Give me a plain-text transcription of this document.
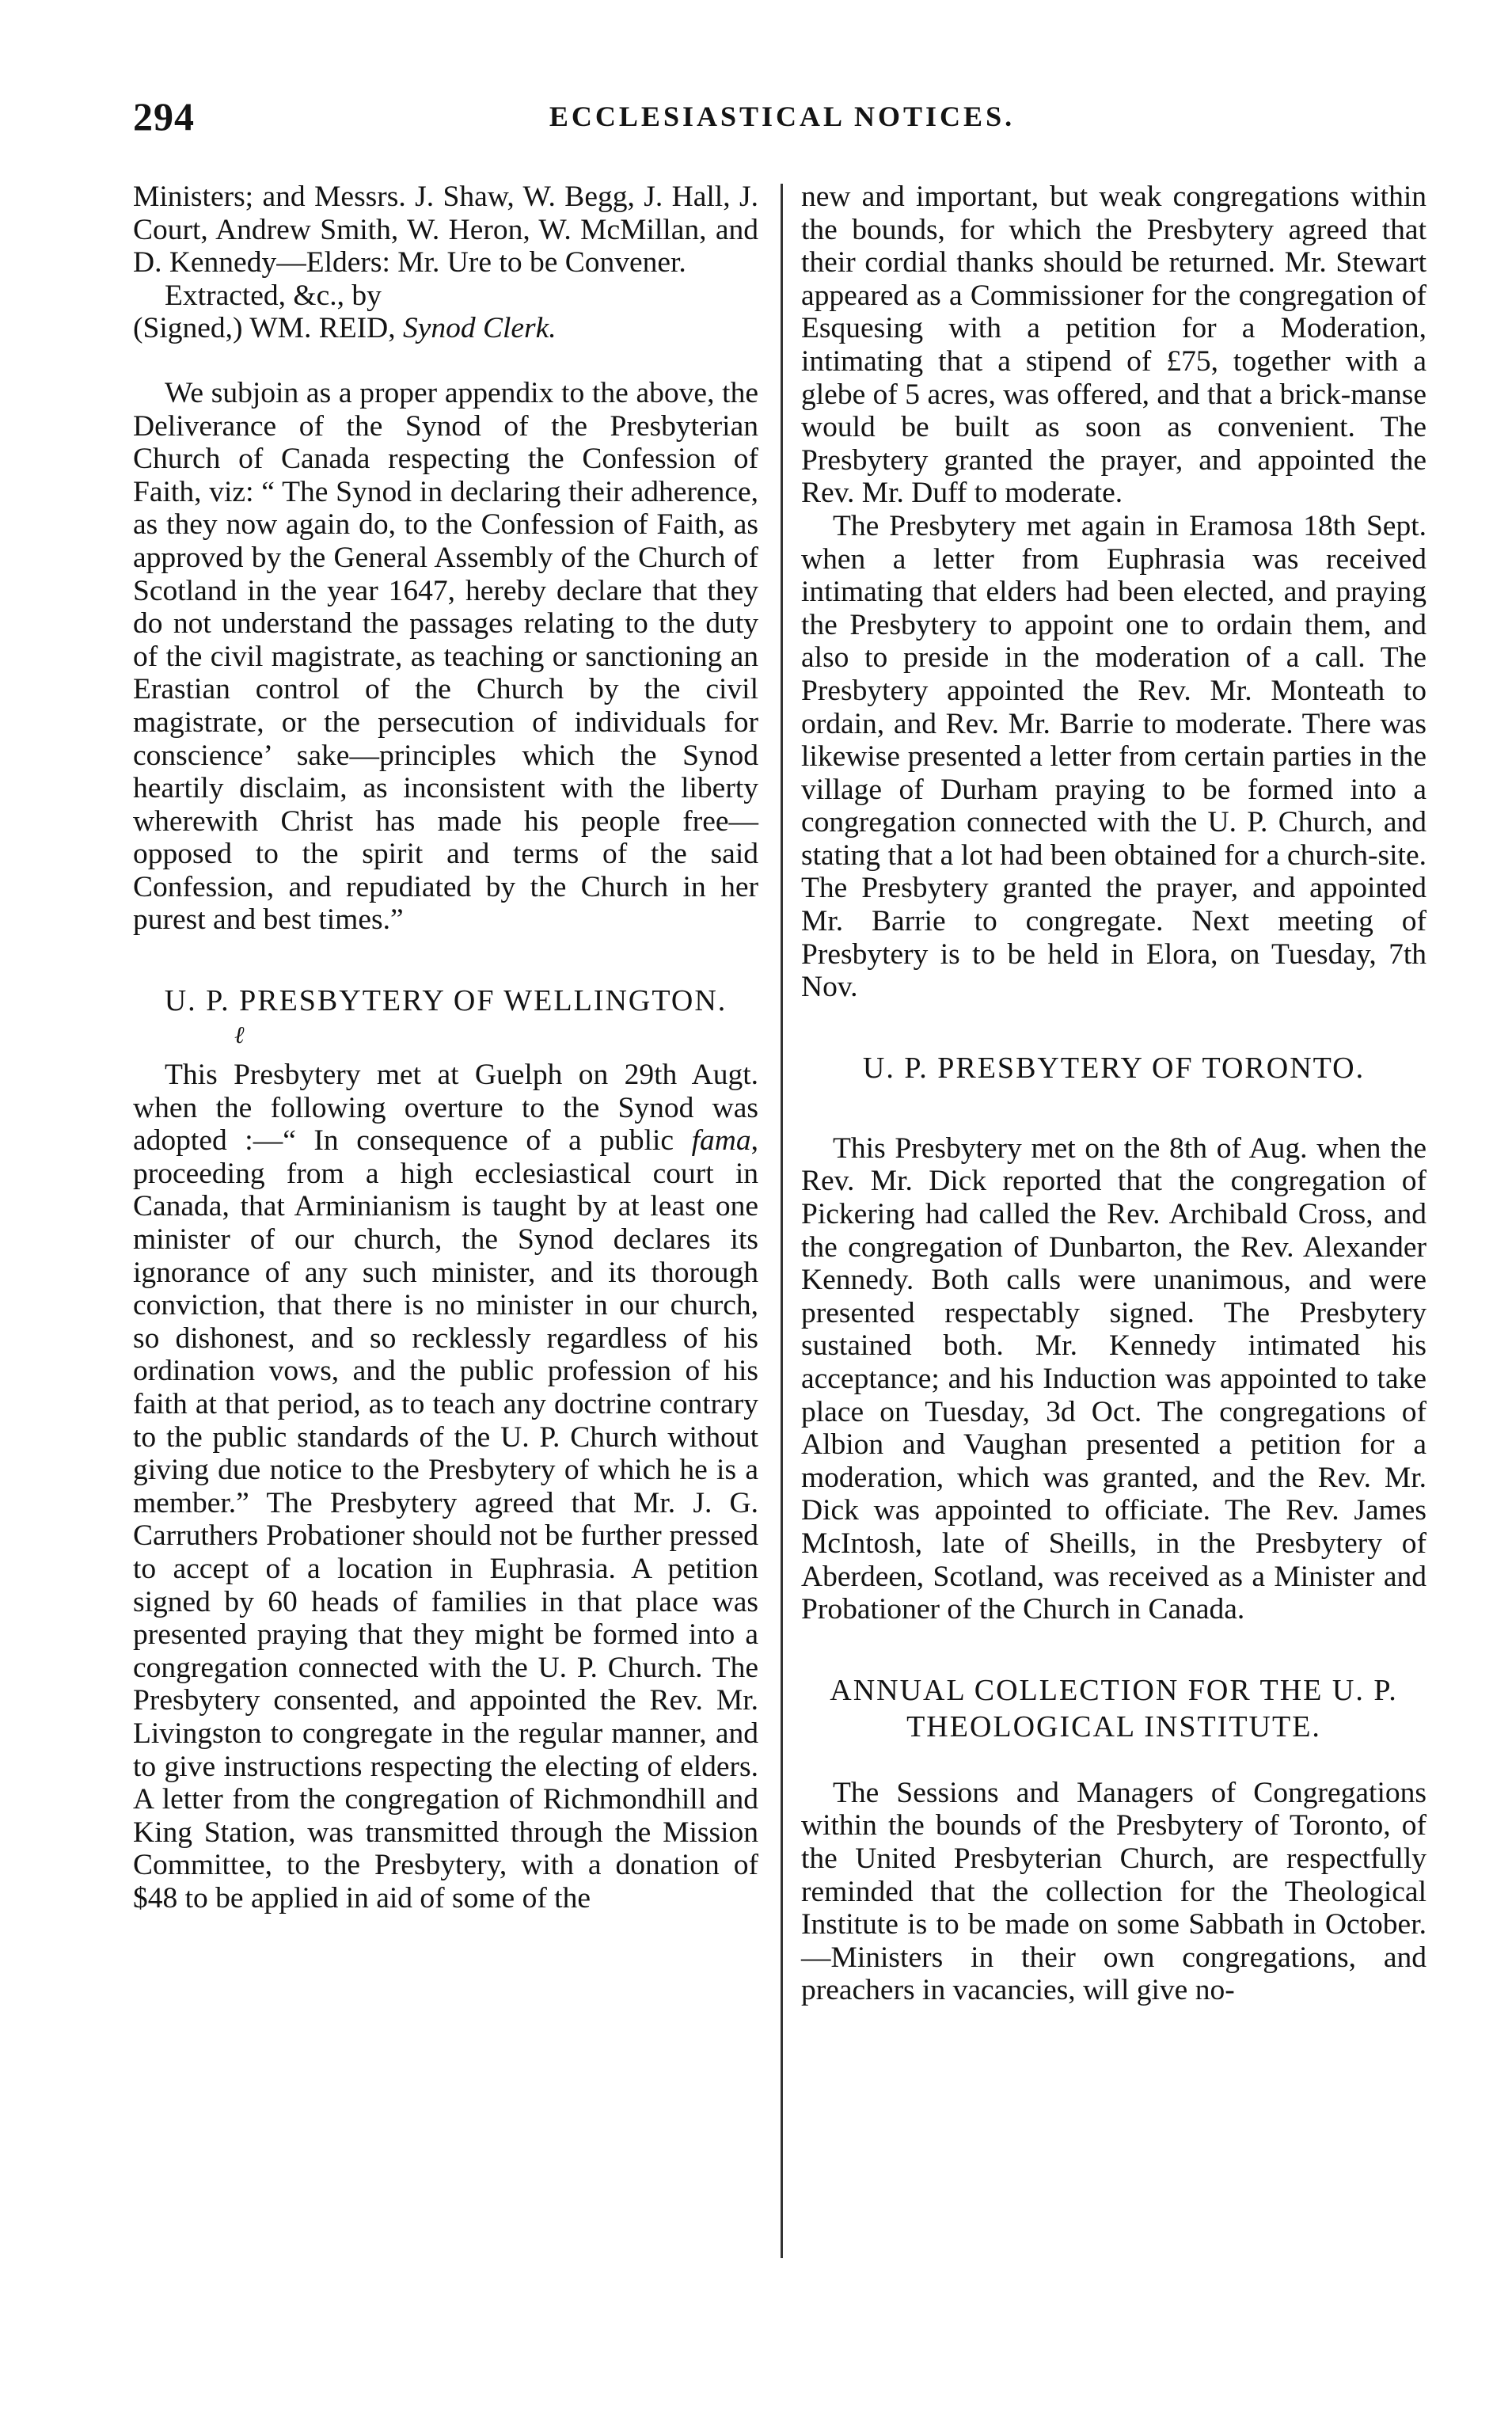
294	ECCLESIASTICAL NOTICES.

Ministers; and Messrs. J. Shaw, W. Begg, J. Hall, J. Court, Andrew Smith, W. Heron, W. McMillan, and D. Kennedy—Elders: Mr. Ure to be Convener.

Extracted, &c., by

(Signed,) WM. REID, Synod Clerk.

We subjoin as a proper appendix to the above, the Deliverance of the Synod of the Presbyterian Church of Canada respecting the Confession of Faith, viz: “ The Synod in declaring their adherence, as they now again do, to the Confession of Faith, as approved by the General Assembly of the Church of Scotland in the year 1647, hereby declare that they do not understand the passages relating to the duty of the civil magistrate, as teaching or sanctioning an Erastian control of the Church by the civil magistrate, or the persecution of individuals for conscience’ sake—principles which the Synod heartily disclaim, as inconsistent with the liberty wherewith Christ has made his people free—opposed to the spirit and terms of the said Confession, and repudiated by the Church in her purest and best times.”

U. P. PRESBYTERY OF WELLINGTON.
ℓ

This Presbytery met at Guelph on 29th Augt. when the following overture to the Synod was adopted :—“ In consequence of a public fama, proceeding from a high ecclesiastical court in Canada, that Arminianism is taught by at least one minister of our church, the Synod declares its ignorance of any such minister, and its thorough conviction, that there is no minister in our church, so dishonest, and so recklessly regardless of his ordination vows, and the public profession of his faith at that period, as to teach any doctrine contrary to the public standards of the U. P. Church without giving due notice to the Presbytery of which he is a member.” The Presbytery agreed that Mr. J. G. Carruthers Probationer should not be further pressed to accept of a location in Euphrasia. A petition signed by 60 heads of families in that place was presented praying that they might be formed into a congregation connected with the U. P. Church. The Presbytery consented, and appointed the Rev. Mr. Livingston to congregate in the regular manner, and to give instructions respecting the electing of elders. A letter from the congregation of Richmondhill and King Station, was transmitted through the Mission Committee, to the Presbytery, with a donation of $48 to be applied in aid of some of the

new and important, but weak congregations within the bounds, for which the Presbytery agreed that their cordial thanks should be returned. Mr. Stewart appeared as a Commissioner for the congregation of Esquesing with a petition for a Moderation, intimating that a stipend of £75, together with a glebe of 5 acres, was offered, and that a brick-manse would be built as soon as convenient. The Presbytery granted the prayer, and appointed the Rev. Mr. Duff to moderate.

The Presbytery met again in Eramosa 18th Sept. when a letter from Euphrasia was received intimating that elders had been elected, and praying the Presbytery to appoint one to ordain them, and also to preside in the moderation of a call. The Presbytery appointed the Rev. Mr. Monteath to ordain, and Rev. Mr. Barrie to moderate. There was likewise presented a letter from certain parties in the village of Durham praying to be formed into a congregation connected with the U. P. Church, and stating that a lot had been obtained for a church-site. The Presbytery granted the prayer, and appointed Mr. Barrie to congregate. Next meeting of Presbytery is to be held in Elora, on Tuesday, 7th Nov.

U. P. PRESBYTERY OF TORONTO.

This Presbytery met on the 8th of Aug. when the Rev. Mr. Dick reported that the congregation of Pickering had called the Rev. Archibald Cross, and the congregation of Dunbarton, the Rev. Alexander Kennedy. Both calls were unanimous, and were presented respectably signed. The Presbytery sustained both. Mr. Kennedy intimated his acceptance; and his Induction was appointed to take place on Tuesday, 3d Oct. The congregations of Albion and Vaughan presented a petition for a moderation, which was granted, and the Rev. Mr. Dick was appointed to officiate. The Rev. James McIntosh, late of Sheills, in the Presbytery of Aberdeen, Scotland, was received as a Minister and Probationer of the Church in Canada.

ANNUAL COLLECTION FOR THE U. P. THEOLOGICAL INSTITUTE.

The Sessions and Managers of Congregations within the bounds of the Presbytery of Toronto, of the United Presbyterian Church, are respectfully reminded that the collection for the Theological Institute is to be made on some Sabbath in October. —Ministers in their own congregations, and preachers in vacancies, will give no-
